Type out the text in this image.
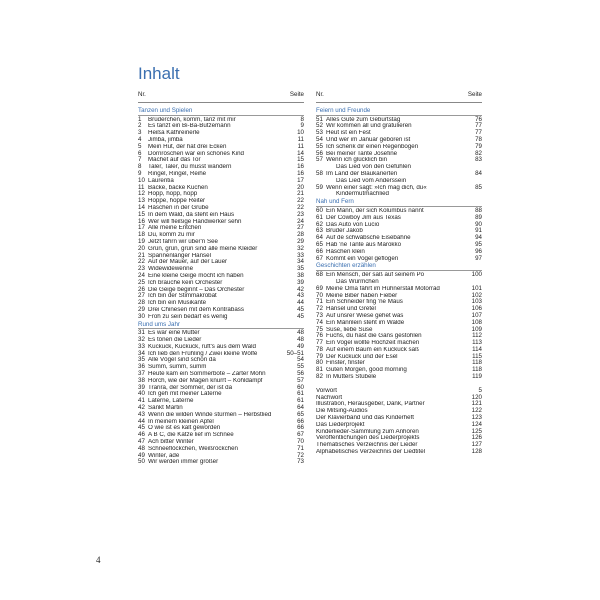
Inhalt
Nr.	Seite
Tanzen und Spielen
1	Brüderchen, komm, tanz mit mir	8
2	Es tanzt ein Bi-Ba-Butzemann	9
3	Heißa Kathreinerle	10
4	Jimba, jimba	11
5	Mein Hut, der hat drei Ecken	11
6	Dornröschen war ein schönes Kind	14
7	Machet auf das Tor	15
8	Taler, Taler, du musst wandern	16
9	Ringel, Ringel, Reihe	16
10 Laurentia	17
11 Backe, backe Kuchen	20
12 Hopp, hopp, hopp	21
13 Hoppe, hoppe Reiter	22
14 Häschen in der Grube	22
15 In dem Wald, da steht ein Haus	23
16 Wer will fleißige Handwerker sehn	24
17 Alle meine Entchen	27
18 Du, komm zu mir	28
19 Jetzt fahrn wir über'n See	29
20 Grün, grün, grün sind alle meine Kleider	32
21 Spannenlanger Hansel	33
22 Auf der Mauer, auf der Lauer	34
23 Widewidewenne	35
24 Eine kleine Geige möcht ich haben	38
25 Ich brauche kein Orchester	39
26 Die Geige beginnt – Das Orchester	42
27 Ich bin der Stimmakrobat	43
28 Ich bin ein Musikante	44
29 Drei Chinesen mit dem Kontrabass	45
30 Froh zu sein bedarf es wenig	45
Rund ums Jahr
31 Es war eine Mutter	48
32 Es tönen die Lieder	48
33 Kuckuck, Kuckuck, ruft's aus dem Wald	49
34 Ich lieb den Frühling / Zwei kleine Wölfe	50–51
35 Alle Vögel sind schon da	54
36 Summ, summ, summ	55
37 Heute kam ein Sommerbote – Zarter Mohn	56
38 Horch, wie der Magen knurrt – Kohldampf	57
39 Trarira, der Sommer, der ist da	60
40 Ich geh mit meiner Laterne	61
41 Laterne, Laterne	61
42 Sankt Martin	64
43 Wenn die wilden Winde stürmen – Herbstlied	65
44 In meinem kleinen Apfel	66
45 O wie ist es kalt geworden	66
46 A B C, die Katze lief im Schnee	67
47 Ach bitter Winter	70
48 Schneeflöckchen, Weißröckchen	71
49 Winter, ade	72
50 Wir werden immer größer	73
Nr.	Seite
Feiern und Freunde
51 Alles Gute zum Geburtstag	76
52 Wir kommen all und gratulieren	77
53 Heut ist ein Fest	77
54 Und wer im Januar geboren ist	78
55 Ich schenk dir einen Regenbogen	79
56 Bei meiner Tante Josefine	82
57 Wenn ich glücklich bin	83
Das Lied von den Gefühlen
58 Im Land der Blaukarierten	84
Das Lied vom Anderssein
59 Wenn einer sagt: »Ich mag dich, du«	85
Kindermutmachlied
Nah und Fern
60 Ein Mann, der sich Kolumbus nannt	88
61 Der Cowboy Jim aus Texas	89
62 Das Auto von Lucio	90
63 Bruder Jakob	91
64 Auf de schwäbsche Eisebahne	94
65 Hab 'ne Tante aus Marokko	95
66 Häschen klein	96
67 Kommt ein Vogel geflogen	97
Geschichten erzählen
68 Ein Mensch, der saß auf seinem Po	100
Das Würmchen
69 Meine Oma fährt im Hühnerstall Motorrad	101
70 Meine Biber haben Fieber	102
71 Ein Schneider fing 'ne Maus	103
72 Hänsel und Gretel	106
73 Auf unsrer Wiese gehet was	107
74 Ein Männlein steht im Walde	108
75 Suse, liebe Suse	109
76 Fuchs, du hast die Gans gestohlen	112
77 Ein Vogel wollte Hochzeit machen	113
78 Auf einem Baum ein Kuckuck saß	114
79 Der Kuckuck und der Esel	115
80 Finster, finster	118
81 Guten Morgen, good morning	118
82 In Mutters Stübele	119
Vorwort	5
Nachwort	120
Illustration, Herausgeber, Dank, Partner	121
Die Mitsing-Audios	122
Der Klavierband und das Kinderheft	123
Das Liederprojekt	124
Kinderlieder-Sammlung zum Anhören	125
Veröffentlichungen des Liederprojekts	126
Thematisches Verzeichnis der Lieder	127
Alphabetisches Verzeichnis der Liedtitel	128
4
